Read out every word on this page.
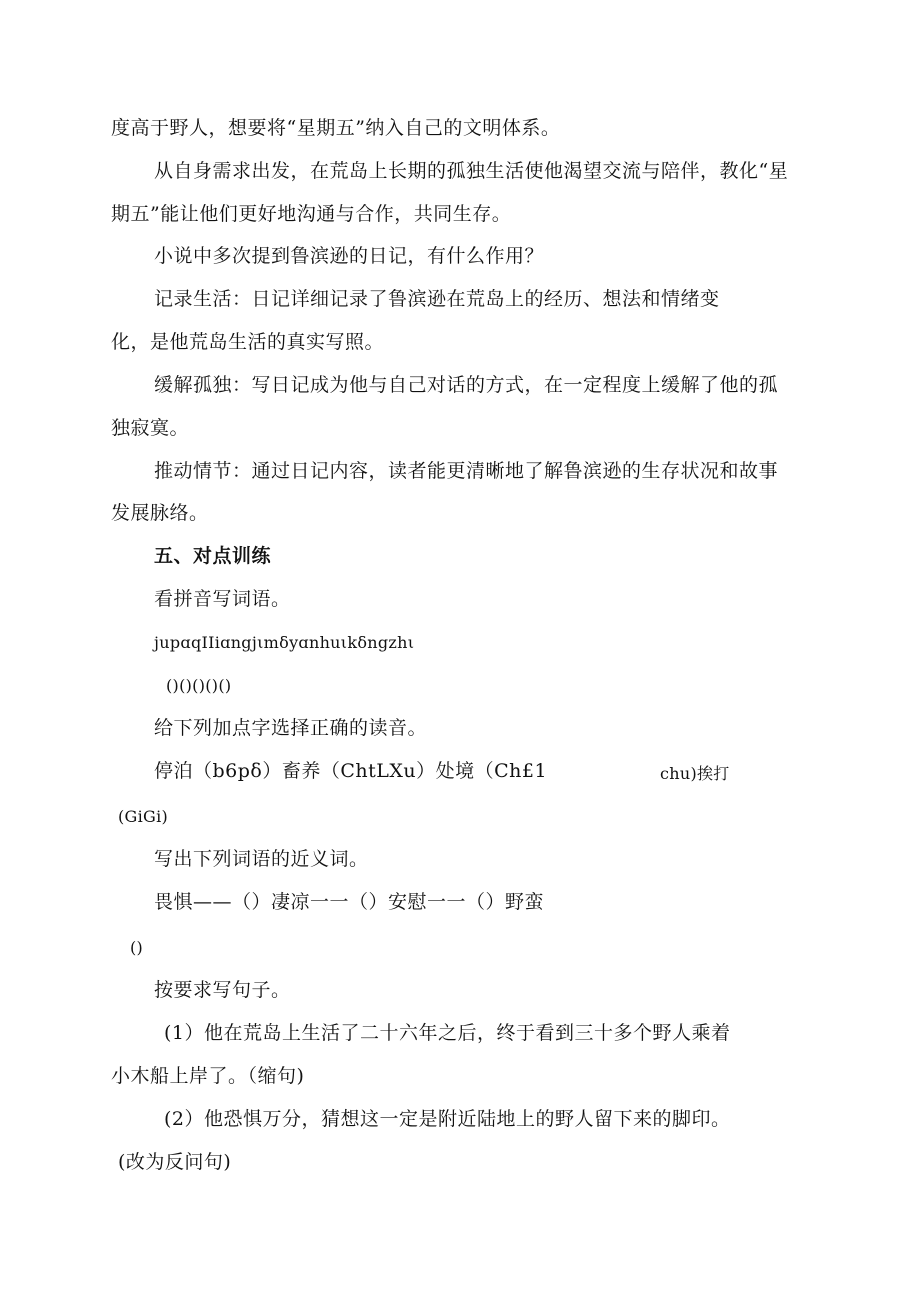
度高于野人，想要将“星期五”纳入自己的文明体系。

从自身需求出发，在荒岛上长期的孤独生活使他渴望交流与陪伴，教化“星

期五”能让他们更好地沟通与合作，共同生存。

小说中多次提到鲁滨逊的日记，有什么作用？

记录生活：日记详细记录了鲁滨逊在荒岛上的经历、想法和情绪变

化，是他荒岛生活的真实写照。

缓解孤独：写日记成为他与自己对话的方式，在一定程度上缓解了他的孤

独寂寞。

推动情节：通过日记内容，读者能更清晰地了解鲁滨逊的生存状况和故事

发展脉络。

五、对点训练

看拼音写词语。

jupɑqIIiɑngjιmδyɑnhuιkδngzhι

()()()()()

给下列加点字选择正确的读音。

停泊（b6pδ）畜养（ChtLXu）处境（Ch£1	chu)挨打

(GiGi)

写出下列词语的近义词。

畏惧——（）凄凉一一（）安慰一一（）野蛮

()

按要求写句子。

(1）他在荒岛上生活了二十六年之后，终于看到三十多个野人乘着

小木船上岸了。（缩句)

(2）他恐惧万分，猜想这一定是附近陆地上的野人留下来的脚印。

(改为反问句)
